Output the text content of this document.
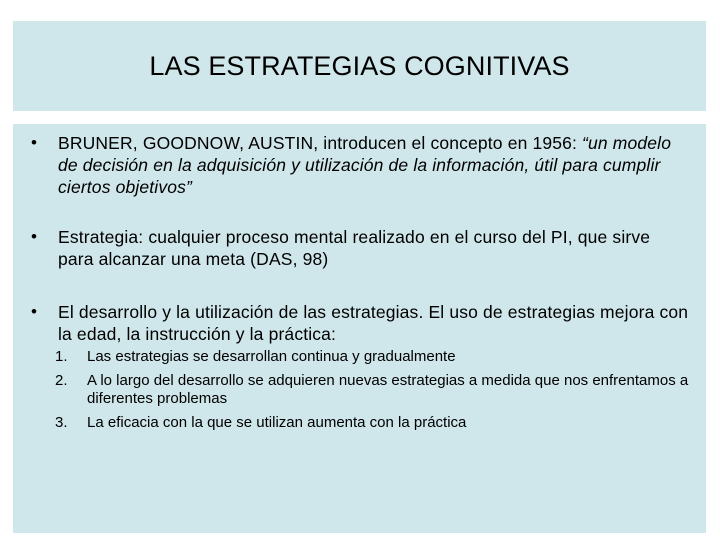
LAS ESTRATEGIAS COGNITIVAS
• BRUNER, GOODNOW, AUSTIN, introducen el concepto en 1956: “un modelo de decisión en la adquisición y utilización de la información, útil para cumplir ciertos objetivos”
• Estrategia: cualquier proceso mental realizado en el curso del PI, que sirve para alcanzar una meta (DAS, 98)
• El desarrollo y la utilización de las estrategias. El uso de estrategias mejora con la edad, la instrucción y la práctica:
1.	Las estrategias se desarrollan continua y gradualmente
2.	A lo largo del desarrollo se adquieren nuevas estrategias a medida que nos enfrentamos a diferentes problemas
3.	La eficacia con la que se utilizan aumenta con la práctica
